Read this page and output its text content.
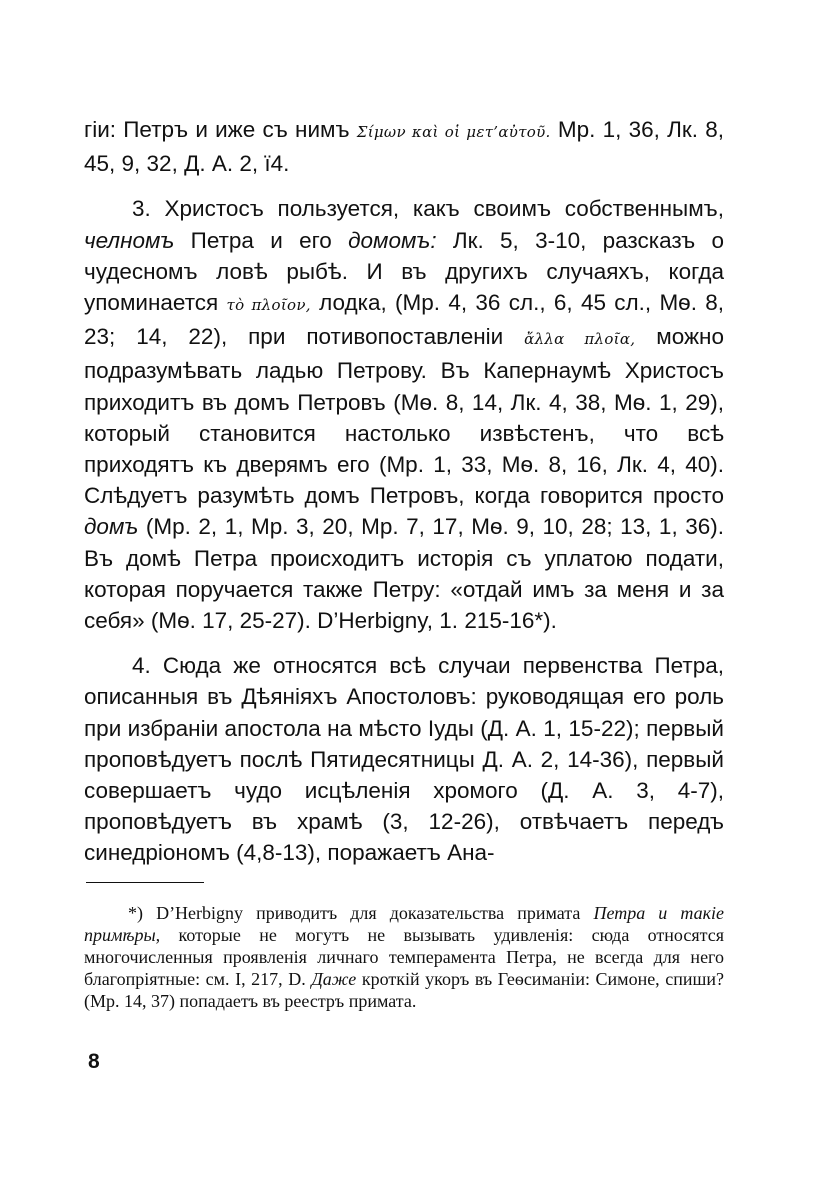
гіи: Петръ и иже съ нимъ Σίμων καὶ οἱ μετ’αὐτοῦ. Мр. 1, 36, Лк. 8, 45, 9, 32, Д. А. 2, ї4.

3. Христосъ пользуется, какъ своимъ собственнымъ, челномъ Петра и его домомъ: Лк. 5, 3-10, разсказъ о чудесномъ ловѣ рыбѣ. И въ другихъ случаяхъ, когда упоминается τὸ πλοῖον, лодка, (Мр. 4, 36 сл., 6, 45 сл., Мѳ. 8, 23; 14, 22), при потивопоставленіи ἄλλα πλοῖα, можно подразумѣвать ладью Петрову. Въ Капернаумѣ Христосъ приходитъ въ домъ Петровъ (Мѳ. 8, 14, Лк. 4, 38, Мѳ. 1, 29), который становится настолько извѣстенъ, что всѣ приходятъ къ дверямъ его (Мр. 1, 33, Мѳ. 8, 16, Лк. 4, 40). Слѣдуетъ разумѣть домъ Петровъ, когда говорится просто домъ (Мр. 2, 1, Мр. 3, 20, Мр. 7, 17, Мѳ. 9, 10, 28; 13, 1, 36). Въ домѣ Петра происходитъ исторія съ уплатою подати, которая поручается также Петру: «отдай имъ за меня и за себя» (Мѳ. 17, 25-27). D’Herbigny, 1. 215-16*).

4. Сюда же относятся всѣ случаи первенства Петра, описанныя въ Дѣяніяхъ Апостоловъ: руководящая его роль при избраніи апостола на мѣсто Іуды (Д. А. 1, 15-22); первый проповѣдуетъ послѣ Пятидесятницы Д. А. 2, 14-36), первый совершаетъ чудо исцѣленія хромого (Д. А. 3, 4-7), проповѣдуетъ въ храмѣ (3, 12-26), отвѣчаетъ передъ синедріономъ (4,8-13), поражаетъ Ана-

*) D’Herbigny приводитъ для доказательства примата Петра и такіе примѣры, которые не могутъ не вызывать удивленія: сюда относятся многочисленныя проявленія личнаго темперамента Петра, не всегда для него благопріятные: см. I, 217, D. Даже кроткій укоръ въ Геѳсиманіи: Симоне, спиши? (Мр. 14, 37) попадаетъ въ реестръ примата.

8
